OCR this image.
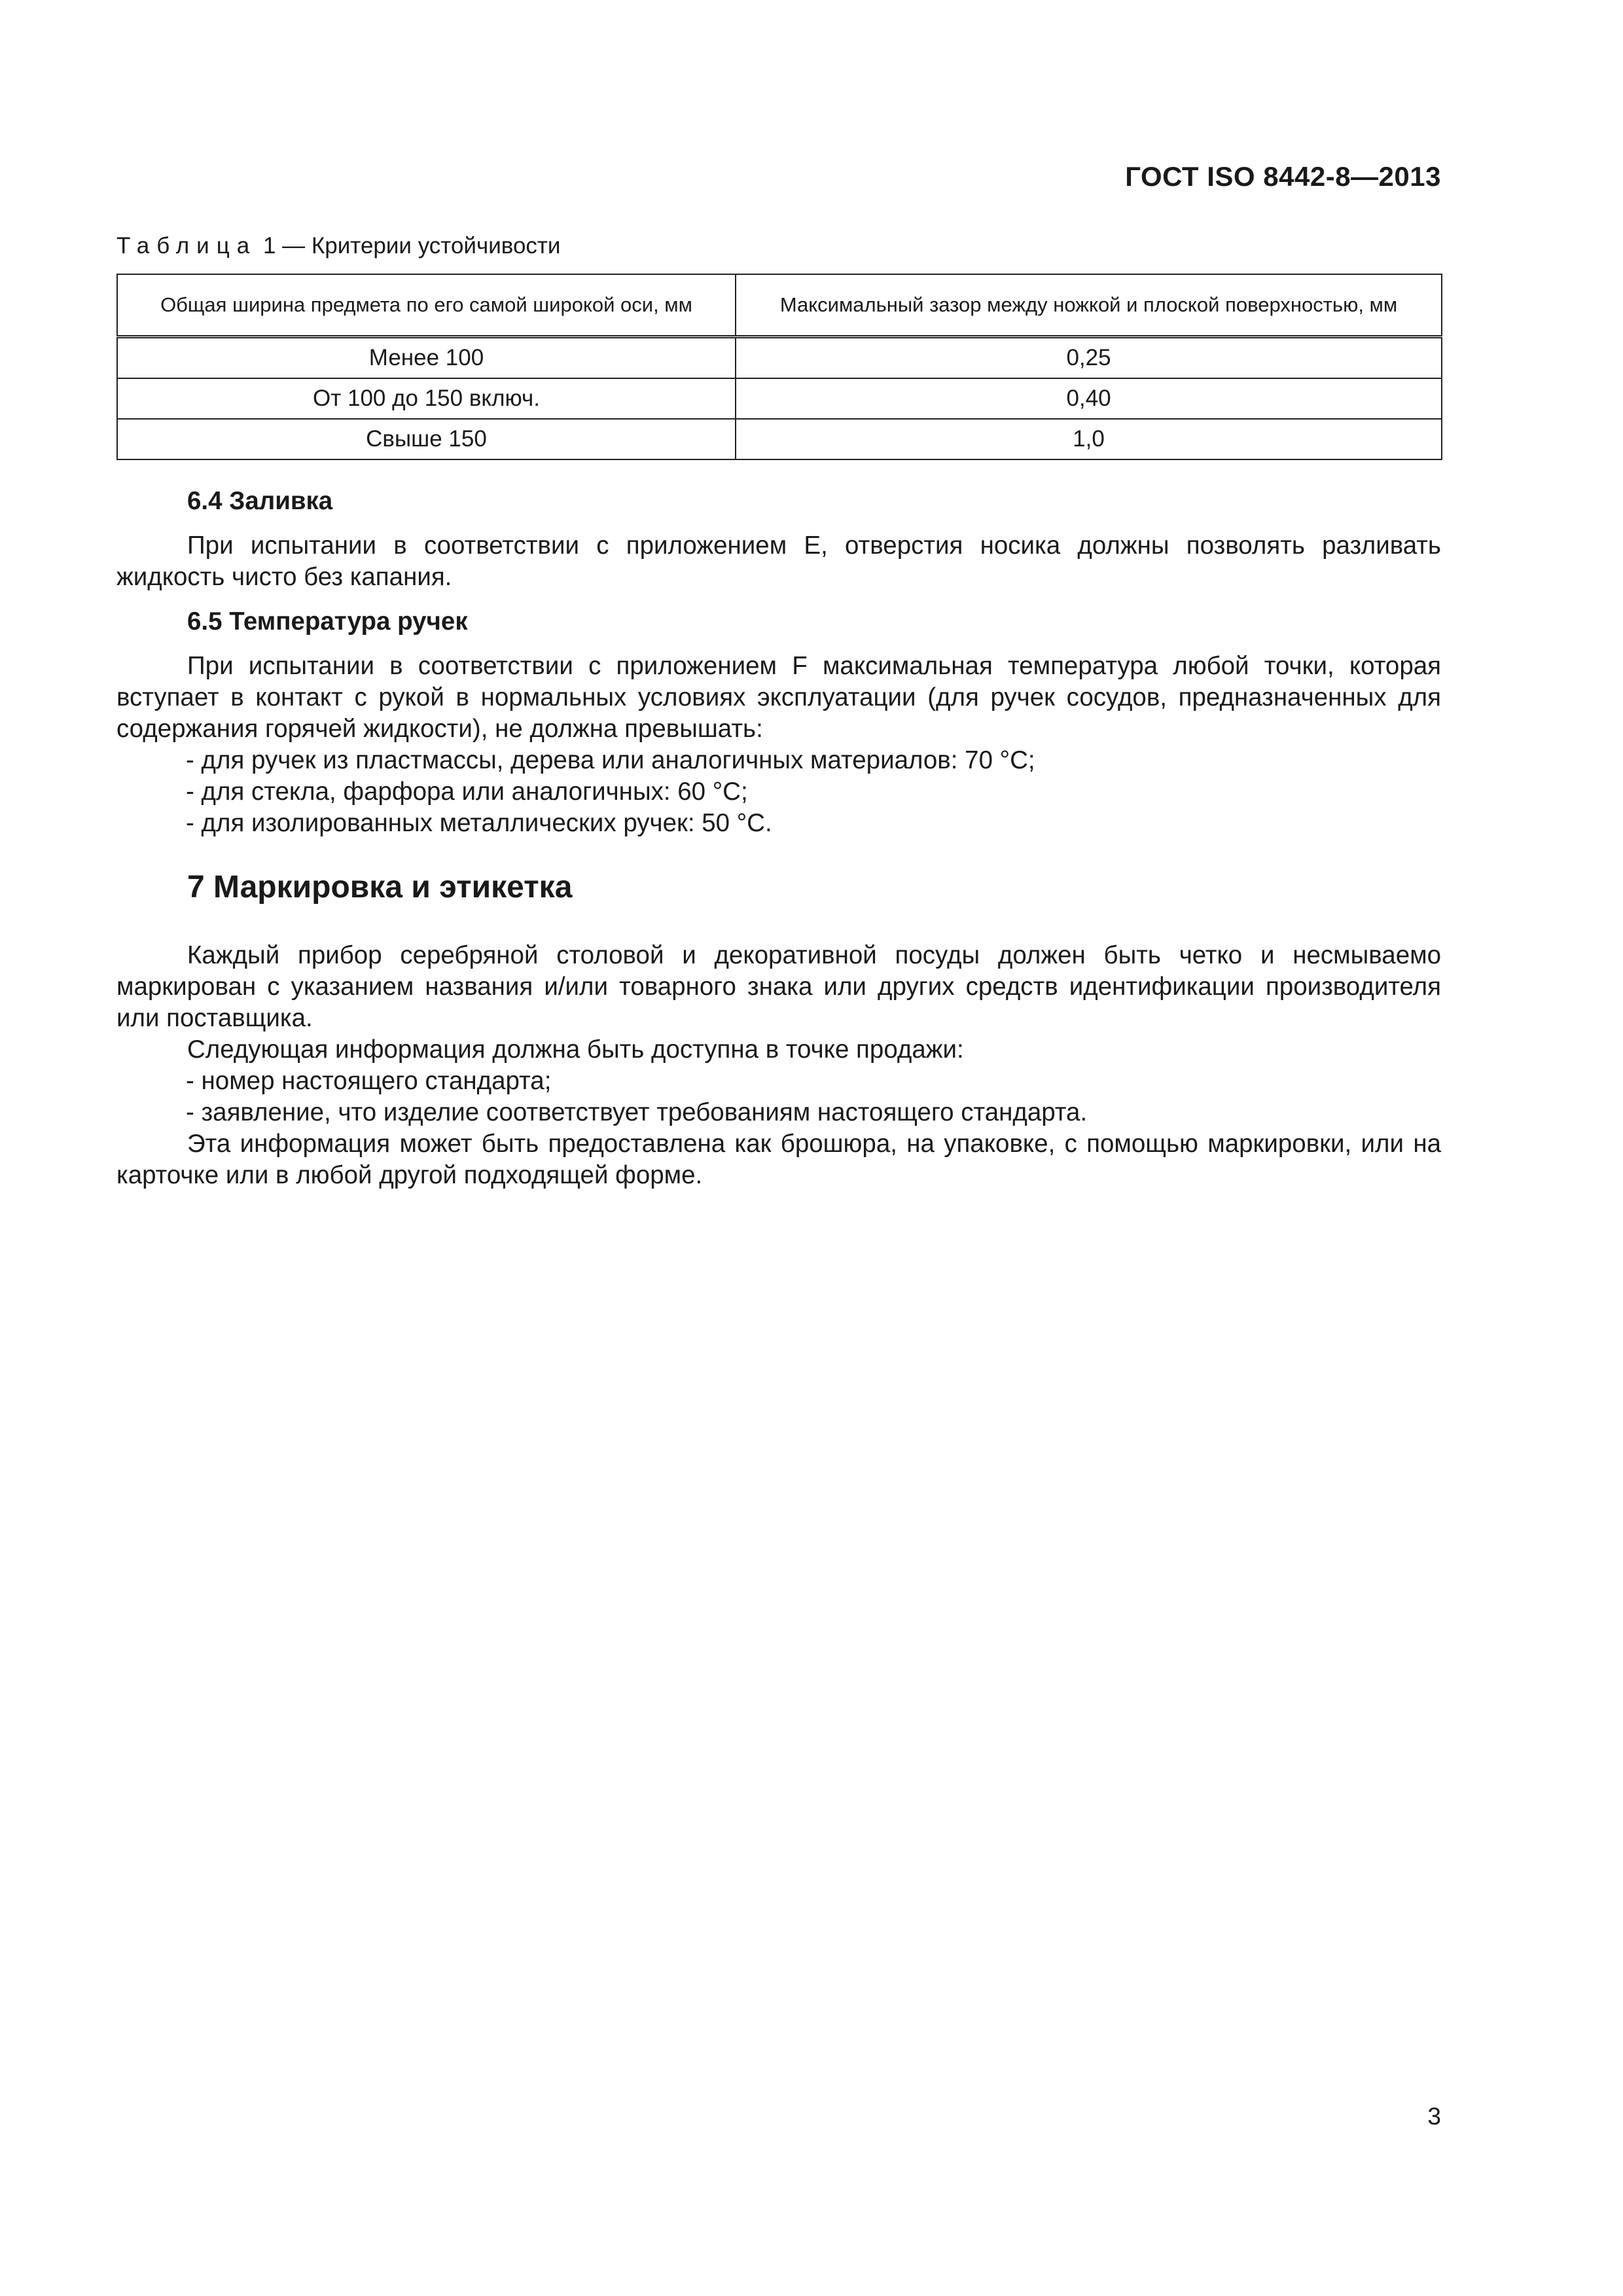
ГОСТ ISO 8442-8—2013
Таблица 1 — Критерии устойчивости
Общая ширина предмета по его самой широкой оси, мм	Максимальный зазор между ножкой и плоской поверхностью, мм
Менее 100	0,25
От 100 до 150 включ.	0,40
Свыше 150	1,0

6.4 Заливка

При испытании в соответствии с приложением E, отверстия носика должны позволять разливать жидкость чисто без капания.

6.5 Температура ручек

При испытании в соответствии с приложением F максимальная температура любой точки, которая вступает в контакт с рукой в нормальных условиях эксплуатации (для ручек сосудов, предназначенных для содержания горячей жидкости), не должна превышать:

- для ручек из пластмассы, дерева или аналогичных материалов: 70 °C;

- для стекла, фарфора или аналогичных: 60 °C;

- для изолированных металлических ручек: 50 °C.

7 Маркировка и этикетка

Каждый прибор серебряной столовой и декоративной посуды должен быть четко и несмываемо маркирован с указанием названия и/или товарного знака или других средств идентификации производителя или поставщика.

Следующая информация должна быть доступна в точке продажи:

- номер настоящего стандарта;

- заявление, что изделие соответствует требованиям настоящего стандарта.

Эта информация может быть предоставлена как брошюра, на упаковке, с помощью маркировки, или на карточке или в любой другой подходящей форме.

3
